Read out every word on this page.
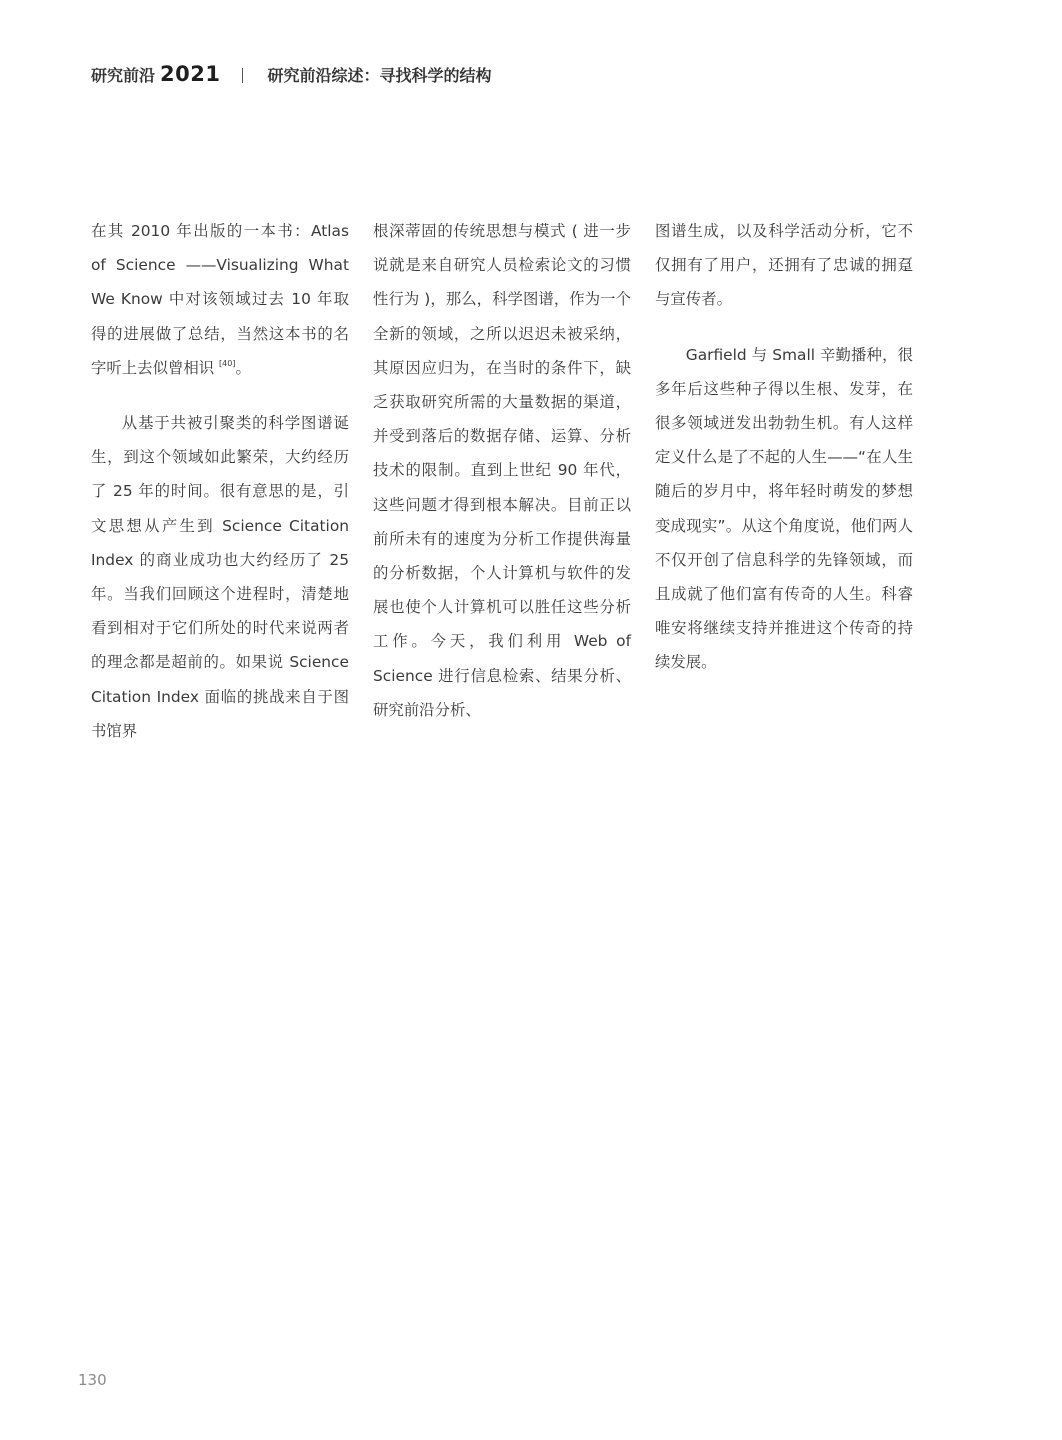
研究前沿 2021	研究前沿综述：寻找科学的结构

在其 2010 年出版的一本书：Atlas of Science ——Visualizing What We Know 中对该领域过去 10 年取得的进展做了总结，当然这本书的名字听上去似曾相识 [40]。

从基于共被引聚类的科学图谱诞生，到这个领域如此繁荣，大约经历了 25 年的时间。很有意思的是，引文思想从产生到 Science Citation Index 的商业成功也大约经历了 25 年。当我们回顾这个进程时，清楚地看到相对于它们所处的时代来说两者的理念都是超前的。如果说 Science Citation Index 面临的挑战来自于图书馆界

根深蒂固的传统思想与模式 ( 进一步说就是来自研究人员检索论文的习惯性行为 )，那么，科学图谱，作为一个全新的领域，之所以迟迟未被采纳，其原因应归为，在当时的条件下，缺乏获取研究所需的大量数据的渠道，并受到落后的数据存储、运算、分析技术的限制。直到上世纪 90 年代，这些问题才得到根本解决。目前正以前所未有的速度为分析工作提供海量的分析数据，个人计算机与软件的发展也使个人计算机可以胜任这些分析工作。今天，我们利用 Web of Science 进行信息检索、结果分析、研究前沿分析、

图谱生成，以及科学活动分析，它不仅拥有了用户，还拥有了忠诚的拥趸与宣传者。

Garfield 与 Small 辛勤播种，很多年后这些种子得以生根、发芽，在很多领域迸发出勃勃生机。有人这样定义什么是了不起的人生——“在人生随后的岁月中，将年轻时萌发的梦想变成现实”。从这个角度说，他们两人不仅开创了信息科学的先锋领域，而且成就了他们富有传奇的人生。科睿唯安将继续支持并推进这个传奇的持续发展。

130
